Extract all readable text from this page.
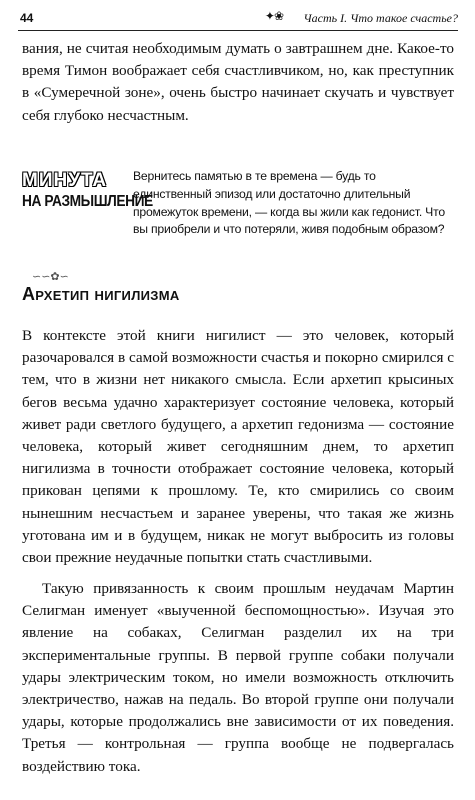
44	✦❀ Часть I. Что такое счастье?
вания, не считая необходимым думать о завтрашнем дне. Какое-то время Тимон воображает себя счастливчиком, но, как преступник в «Сумеречной зоне», очень быстро начинает скучать и чувствует себя глубоко несчастным.
МИНУТА
НА РАЗМЫШЛЕНИЕ
Вернитесь памятью в те времена — будь то единственный эпизод или достаточно длительный промежуток времени, — когда вы жили как гедонист. Что вы приобрели и что потеряли, живя подобным образом?
∽∽✿∽
Архетип нигилизма
В контексте этой книги нигилист — это человек, который разочаровался в самой возможности счастья и покорно смирился с тем, что в жизни нет никакого смысла. Если архетип крысиных бегов весьма удачно характеризует состояние человека, который живет ради светлого будущего, а архетип гедонизма — состояние человека, который живет сегодняшним днем, то архетип нигилизма в точности отображает состояние человека, который прикован цепями к прошлому. Те, кто смирились со своим нынешним несчастьем и заранее уверены, что такая же жизнь уготована им и в будущем, никак не могут выбросить из головы свои прежние неудачные попытки стать счастливыми.
Такую привязанность к своим прошлым неудачам Мартин Селигман именует «выученной беспомощностью». Изучая это явление на собаках, Селигман разделил их на три экспериментальные группы. В первой группе собаки получали удары электрическим током, но имели возможность отключить электричество, нажав на педаль. Во второй группе они получали удары, которые продолжались вне зависимости от их поведения. Третья — контрольная — группа вообще не подвергалась воздействию тока.
